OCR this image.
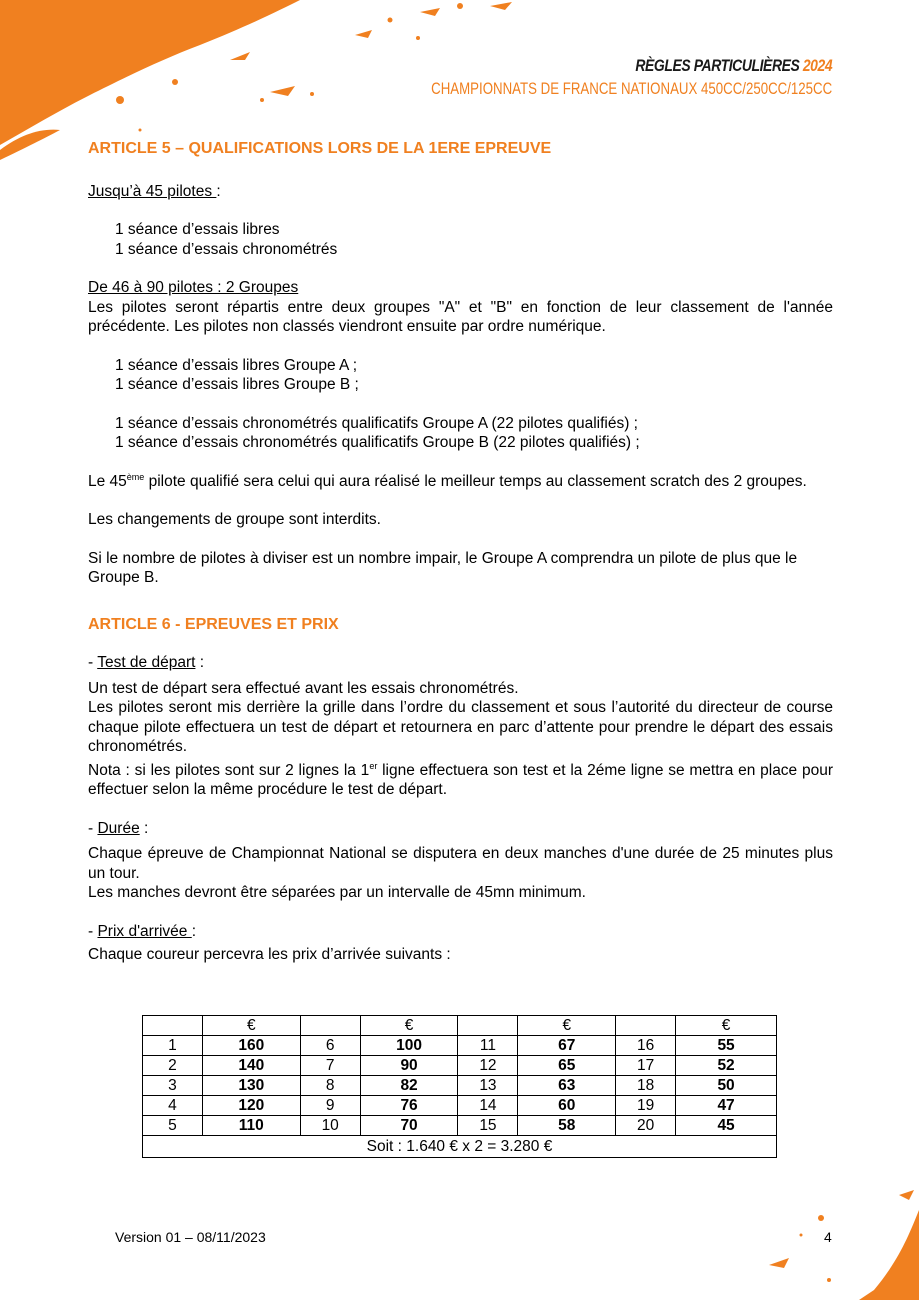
RÈGLES PARTICULIÈRES 2024
CHAMPIONNATS DE FRANCE NATIONAUX 450CC/250CC/125CC

ARTICLE 5 – QUALIFICATIONS LORS DE LA 1ERE EPREUVE

Jusqu’à 45 pilotes :

1 séance d’essais libres

1 séance d’essais chronométrés

De 46 à 90 pilotes : 2 Groupes

Les pilotes seront répartis entre deux groupes "A" et "B" en fonction de leur classement de l'année précédente. Les pilotes non classés viendront ensuite par ordre numérique.

1 séance d’essais libres Groupe A ;

1 séance d’essais libres Groupe B ;

1 séance d’essais chronométrés qualificatifs Groupe A (22 pilotes qualifiés) ;

1 séance d’essais chronométrés qualificatifs Groupe B (22 pilotes qualifiés) ;

Le 45ème pilote qualifié sera celui qui aura réalisé le meilleur temps au classement scratch des 2 groupes.

Les changements de groupe sont interdits.

Si le nombre de pilotes à diviser est un nombre impair, le Groupe A comprendra un pilote de plus que le Groupe B.

ARTICLE 6 - EPREUVES ET PRIX

- Test de départ :

Un test de départ sera effectué avant les essais chronométrés.

Les pilotes seront mis derrière la grille dans l’ordre du classement et sous l’autorité du directeur de course chaque pilote effectuera un test de départ et retournera en parc d’attente pour prendre le départ des essais chronométrés.

Nota : si les pilotes sont sur 2 lignes la 1er ligne effectuera son test et la 2éme ligne se mettra en place pour effectuer selon la même procédure le test de départ.

- Durée :

Chaque épreuve de Championnat National se disputera en deux manches d'une durée de 25 minutes plus un tour.

Les manches devront être séparées par un intervalle de 45mn minimum.

- Prix d'arrivée :

Chaque coureur percevra les prix d’arrivée suivants :

	€		€		€		€
1	160	6	100	11	67	16	55
2	140	7	90	12	65	17	52
3	130	8	82	13	63	18	50
4	120	9	76	14	60	19	47
5	110	10	70	15	58	20	45
Soit : 1.640 € x 2 = 3.280 €							
Version 01 – 08/11/2023	4
